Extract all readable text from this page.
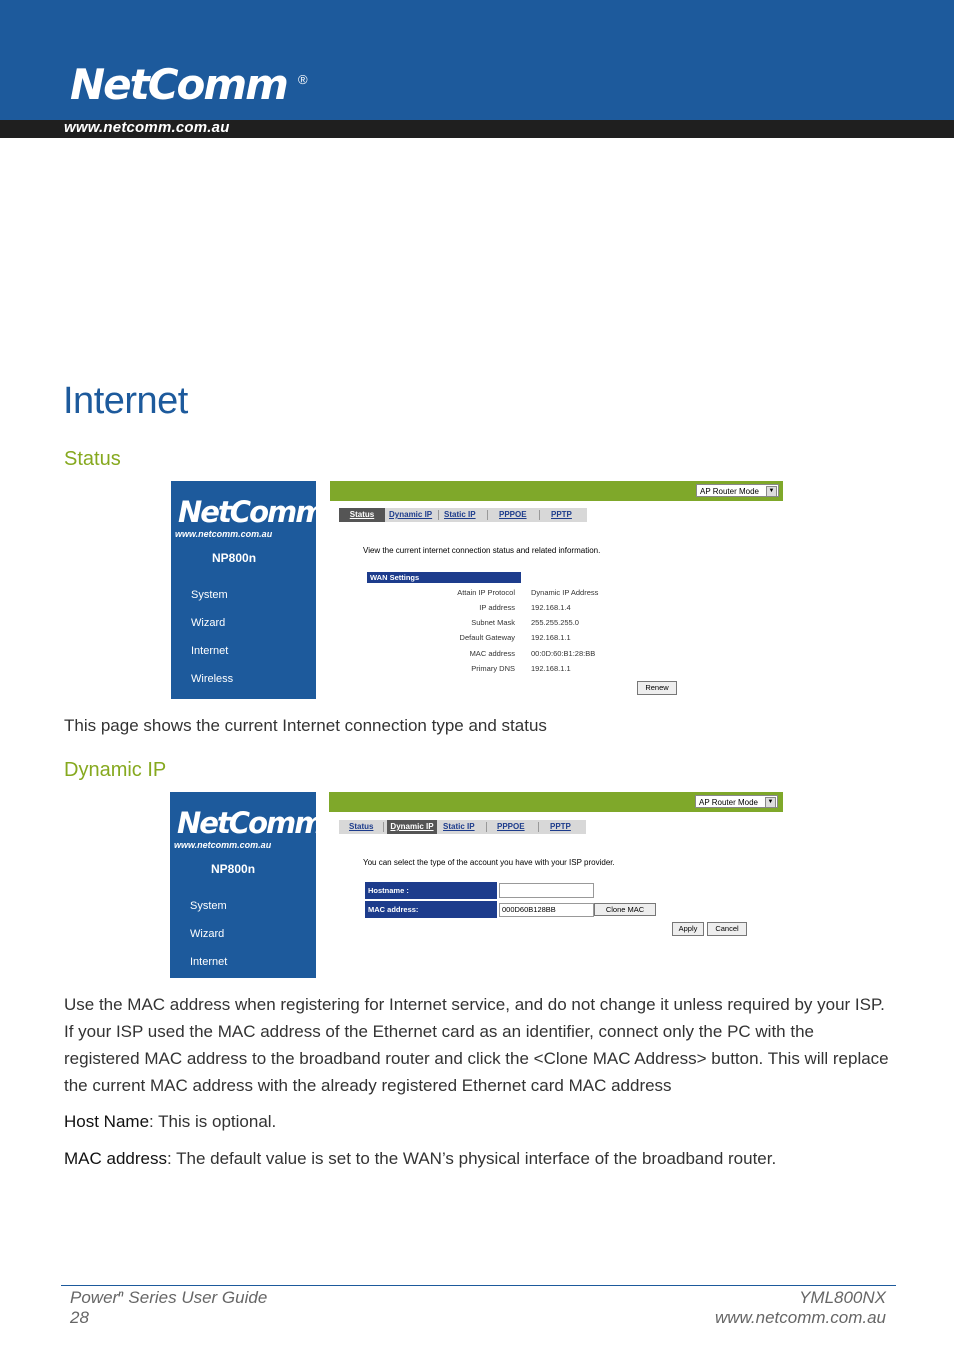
NetComm ®
www.netcomm.com.au
Internet
Status
NetComm
www.netcomm.com.au
NP800n
System
Wizard
Internet
Wireless
AP Router Mode	▼
Status	Dynamic IP Static IP	PPPOE	PPTP
View the current internet connection status and related information.
WAN Settings
Attain IP Protocol Dynamic IP Address
IP address 192.168.1.4
Subnet Mask 255.255.255.0
Default Gateway 192.168.1.1
MAC address 00:0D:60:B1:28:BB
Primary DNS 192.168.1.1
Renew
This page shows the current Internet connection type and status
Dynamic IP
NetComm
www.netcomm.com.au
NP800n
System
Wizard
Internet
AP Router Mode	▼
Status	Dynamic IP	Static IP	PPPOE	PPTP
You can select the type of the account you have with your ISP provider.
Hostname :
MAC address:	000D60B128BB	Clone MAC
Apply	Cancel
Use the MAC address when registering for Internet service, and do not change it unless required by your ISP. If your ISP used the MAC address of the Ethernet card as an identifier, connect only the PC with the registered MAC address to the broadband router and click the <Clone MAC Address> button. This will replace the current MAC address with the already registered Ethernet card MAC address
Host Name: This is optional.
MAC address: The default value is set to the WAN’s physical interface of the broadband router.
Power$^n$ Series User Guide
28
YML800NX
www.netcomm.com.au
